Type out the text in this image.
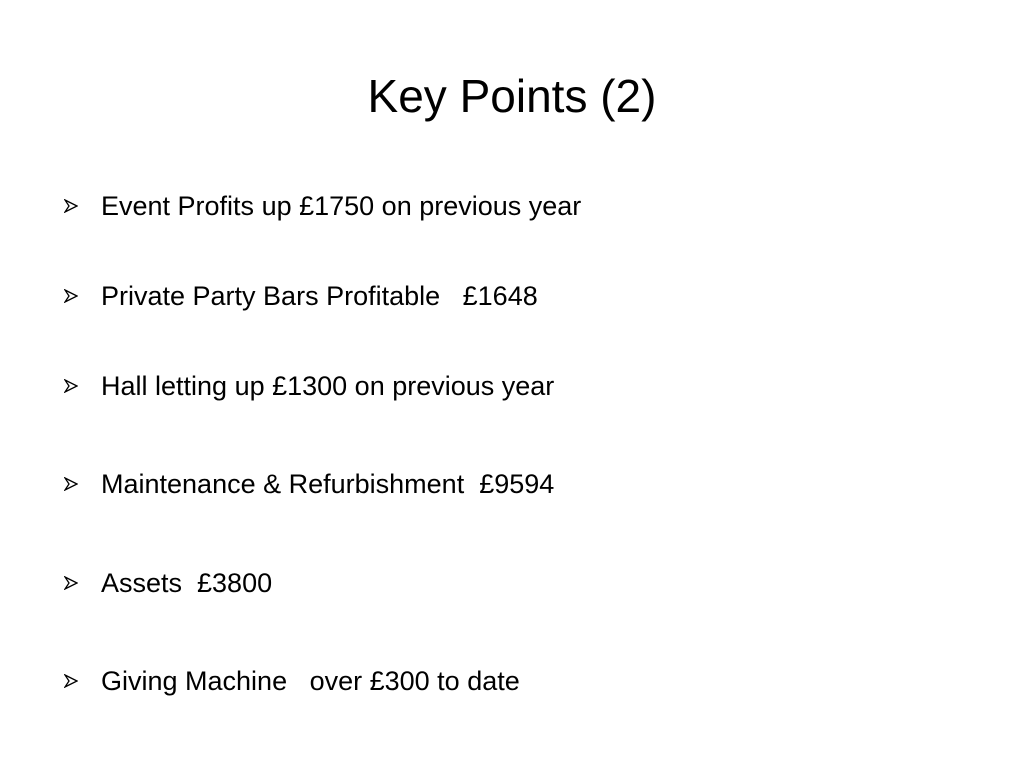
Key Points (2)
Event Profits up £1750 on previous year
Private Party Bars Profitable   £1648
Hall letting up £1300 on previous year
Maintenance & Refurbishment  £9594
Assets  £3800
Giving Machine   over £300 to date
